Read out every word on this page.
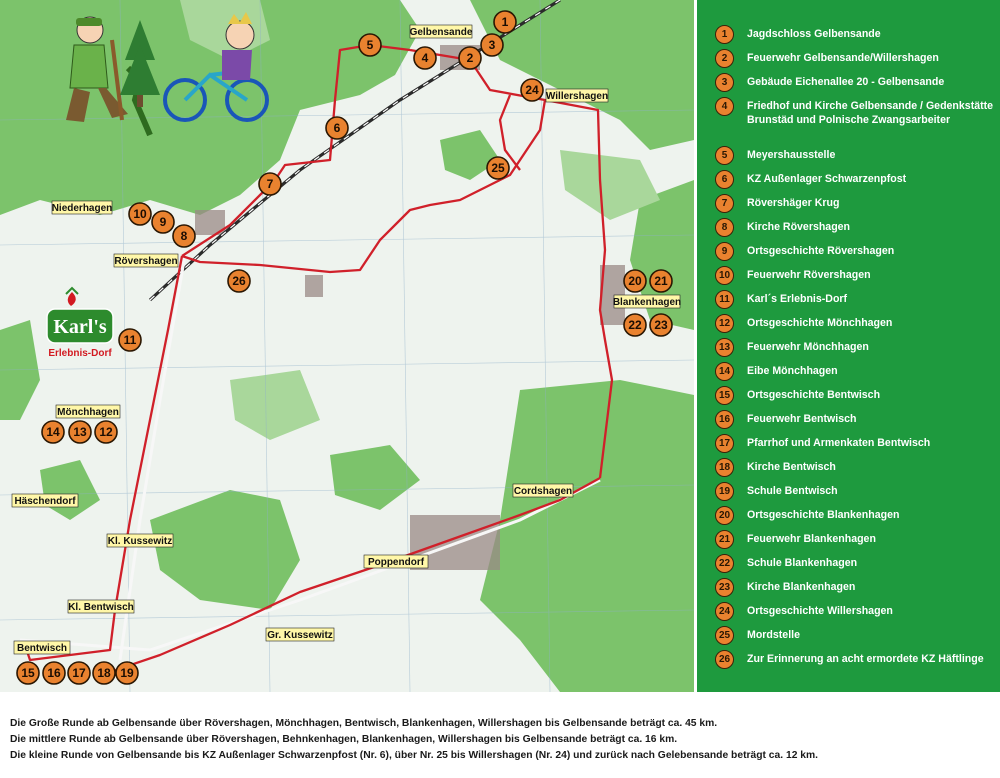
Gelbensande
Willershagen
Niederhagen
Rövershagen
Blankenhagen
Mönchhagen
Häschendorf
Cordshagen
Kl. Kussewitz
Poppendorf
Kl. Bentwisch
Gr. Kussewitz
Bentwisch
Karl's
Erlebnis-Dorf
1
2
3
4
5
6
7
8
9
10
11
12
13
14
15 16 17 18 19
20 21
22 23
24
25
26
1	Jagdschloss Gelbensande
2	Feuerwehr Gelbensande/Willershagen
3	Gebäude Eichenallee 20 - Gelbensande
4	Friedhof und Kirche Gelbensande / Gedenkstätte Brunstäd und Polnische Zwangsarbeiter
5	Meyershausstelle
6	KZ Außenlager Schwarzenpfost
7	Rövershäger Krug
8	Kirche Rövershagen
9	Ortsgeschichte Rövershagen
10	Feuerwehr Rövershagen
11	Karl´s Erlebnis-Dorf
12	Ortsgeschichte Mönchhagen
13	Feuerwehr Mönchhagen
14	Eibe Mönchhagen
15	Ortsgeschichte Bentwisch
16	Feuerwehr Bentwisch
17	Pfarrhof und Armenkaten Bentwisch
18	Kirche Bentwisch
19	Schule Bentwisch
20	Ortsgeschichte Blankenhagen
21	Feuerwehr Blankenhagen
22	Schule Blankenhagen
23	Kirche Blankenhagen
24	Ortsgeschichte Willershagen
25	Mordstelle
26	Zur Erinnerung an acht ermordete KZ Häftlinge
Die Große Runde ab Gelbensande über Rövershagen, Mönchhagen, Bentwisch, Blankenhagen, Willershagen bis Gelbensande beträgt ca. 45 km.
Die mittlere Runde ab Gelbensande über Rövershagen, Behnkenhagen, Blankenhagen, Willershagen bis Gelbensande beträgt ca. 16 km.
Die kleine Runde von Gelbensande bis KZ Außenlager Schwarzenpfost (Nr. 6), über Nr. 25 bis Willershagen (Nr. 24) und zurück nach Gelebensande beträgt ca. 12 km.
